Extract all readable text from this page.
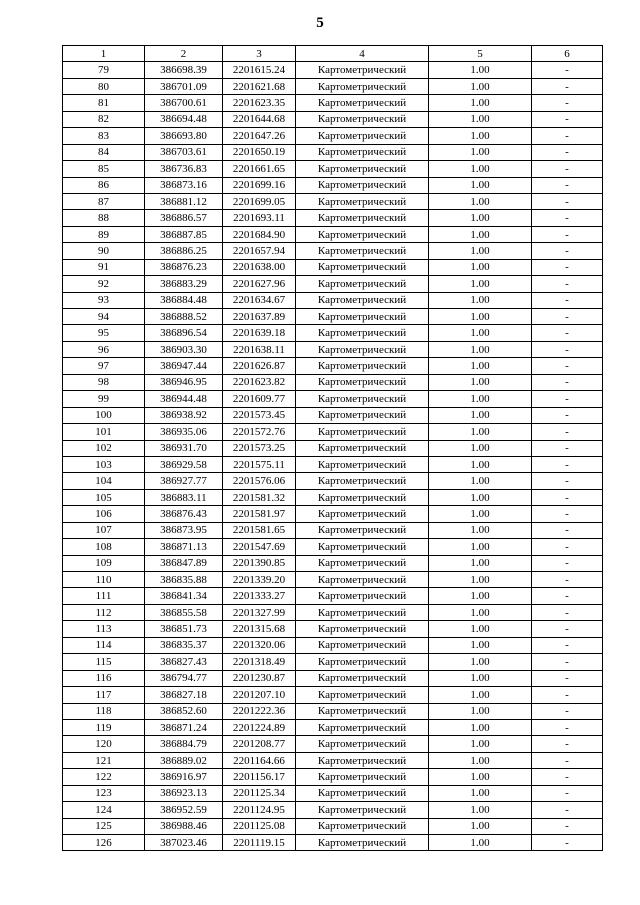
5
1	2	3	4	5	6
79	386698.39	2201615.24	Картометрический	1.00	-
80	386701.09	2201621.68	Картометрический	1.00	-
81	386700.61	2201623.35	Картометрический	1.00	-
82	386694.48	2201644.68	Картометрический	1.00	-
83	386693.80	2201647.26	Картометрический	1.00	-
84	386703.61	2201650.19	Картометрический	1.00	-
85	386736.83	2201661.65	Картометрический	1.00	-
86	386873.16	2201699.16	Картометрический	1.00	-
87	386881.12	2201699.05	Картометрический	1.00	-
88	386886.57	2201693.11	Картометрический	1.00	-
89	386887.85	2201684.90	Картометрический	1.00	-
90	386886.25	2201657.94	Картометрический	1.00	-
91	386876.23	2201638.00	Картометрический	1.00	-
92	386883.29	2201627.96	Картометрический	1.00	-
93	386884.48	2201634.67	Картометрический	1.00	-
94	386888.52	2201637.89	Картометрический	1.00	-
95	386896.54	2201639.18	Картометрический	1.00	-
96	386903.30	2201638.11	Картометрический	1.00	-
97	386947.44	2201626.87	Картометрический	1.00	-
98	386946.95	2201623.82	Картометрический	1.00	-
99	386944.48	2201609.77	Картометрический	1.00	-
100	386938.92	2201573.45	Картометрический	1.00	-
101	386935.06	2201572.76	Картометрический	1.00	-
102	386931.70	2201573.25	Картометрический	1.00	-
103	386929.58	2201575.11	Картометрический	1.00	-
104	386927.77	2201576.06	Картометрический	1.00	-
105	386883.11	2201581.32	Картометрический	1.00	-
106	386876.43	2201581.97	Картометрический	1.00	-
107	386873.95	2201581.65	Картометрический	1.00	-
108	386871.13	2201547.69	Картометрический	1.00	-
109	386847.89	2201390.85	Картометрический	1.00	-
110	386835.88	2201339.20	Картометрический	1.00	-
111	386841.34	2201333.27	Картометрический	1.00	-
112	386855.58	2201327.99	Картометрический	1.00	-
113	386851.73	2201315.68	Картометрический	1.00	-
114	386835.37	2201320.06	Картометрический	1.00	-
115	386827.43	2201318.49	Картометрический	1.00	-
116	386794.77	2201230.87	Картометрический	1.00	-
117	386827.18	2201207.10	Картометрический	1.00	-
118	386852.60	2201222.36	Картометрический	1.00	-
119	386871.24	2201224.89	Картометрический	1.00	-
120	386884.79	2201208.77	Картометрический	1.00	-
121	386889.02	2201164.66	Картометрический	1.00	-
122	386916.97	2201156.17	Картометрический	1.00	-
123	386923.13	2201125.34	Картометрический	1.00	-
124	386952.59	2201124.95	Картометрический	1.00	-
125	386988.46	2201125.08	Картометрический	1.00	-
126	387023.46	2201119.15	Картометрический	1.00	-
